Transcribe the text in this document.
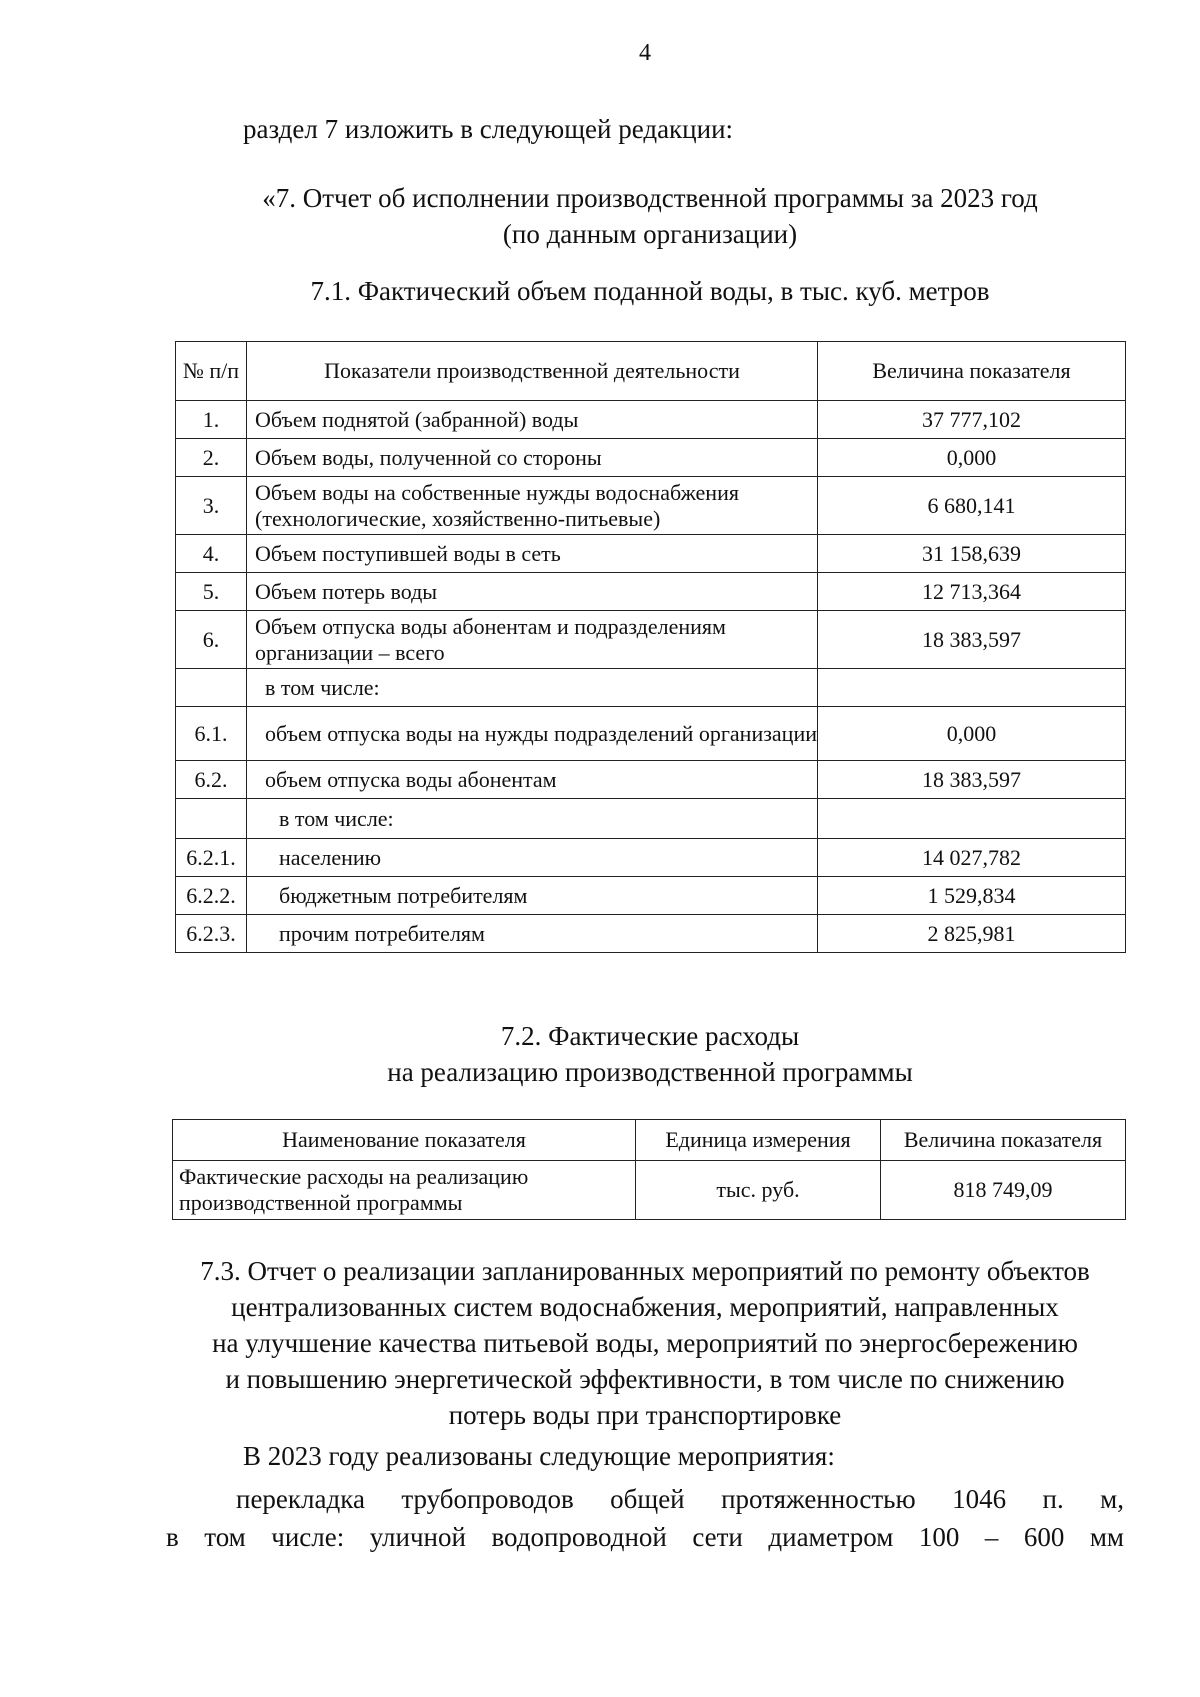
4
раздел 7 изложить в следующей редакции:
«7. Отчет об исполнении производственной программы за 2023 год
(по данным организации)
7.1. Фактический объем поданной воды, в тыс. куб. метров
№ п/п	Показатели производственной деятельности	Величина показателя
1.	Объем поднятой (забранной) воды	37 777,102
2.	Объем воды, полученной со стороны	0,000
3.	Объем воды на собственные нужды водоснабжения (технологические, хозяйственно-питьевые)	6 680,141
4.	Объем поступившей воды в сеть	31 158,639
5.	Объем потерь воды	12 713,364
6.	Объем отпуска воды абонентам и подразделениям организации – всего	18 383,597
	в том числе:	
6.1.	объем отпуска воды на нужды подразделений организации	0,000
6.2.	объем отпуска воды абонентам	18 383,597
	в том числе:	
6.2.1.	населению	14 027,782
6.2.2.	бюджетным потребителям	1 529,834
6.2.3.	прочим потребителям	2 825,981
7.2. Фактические расходы
на реализацию производственной программы
Наименование показателя	Единица измерения	Величина показателя
Фактические расходы на реализацию производственной программы	тыс. руб.	818 749,09
7.3. Отчет о реализации запланированных мероприятий по ремонту объектов
централизованных систем водоснабжения, мероприятий, направленных
на улучшение качества питьевой воды, мероприятий по энергосбережению
и повышению энергетической эффективности, в том числе по снижению
потерь воды при транспортировке
В 2023 году реализованы следующие мероприятия:
перекладка трубопроводов общей протяженностью 1046 п. м,
в том числе: уличной водопроводной сети диаметром 100 – 600 мм
